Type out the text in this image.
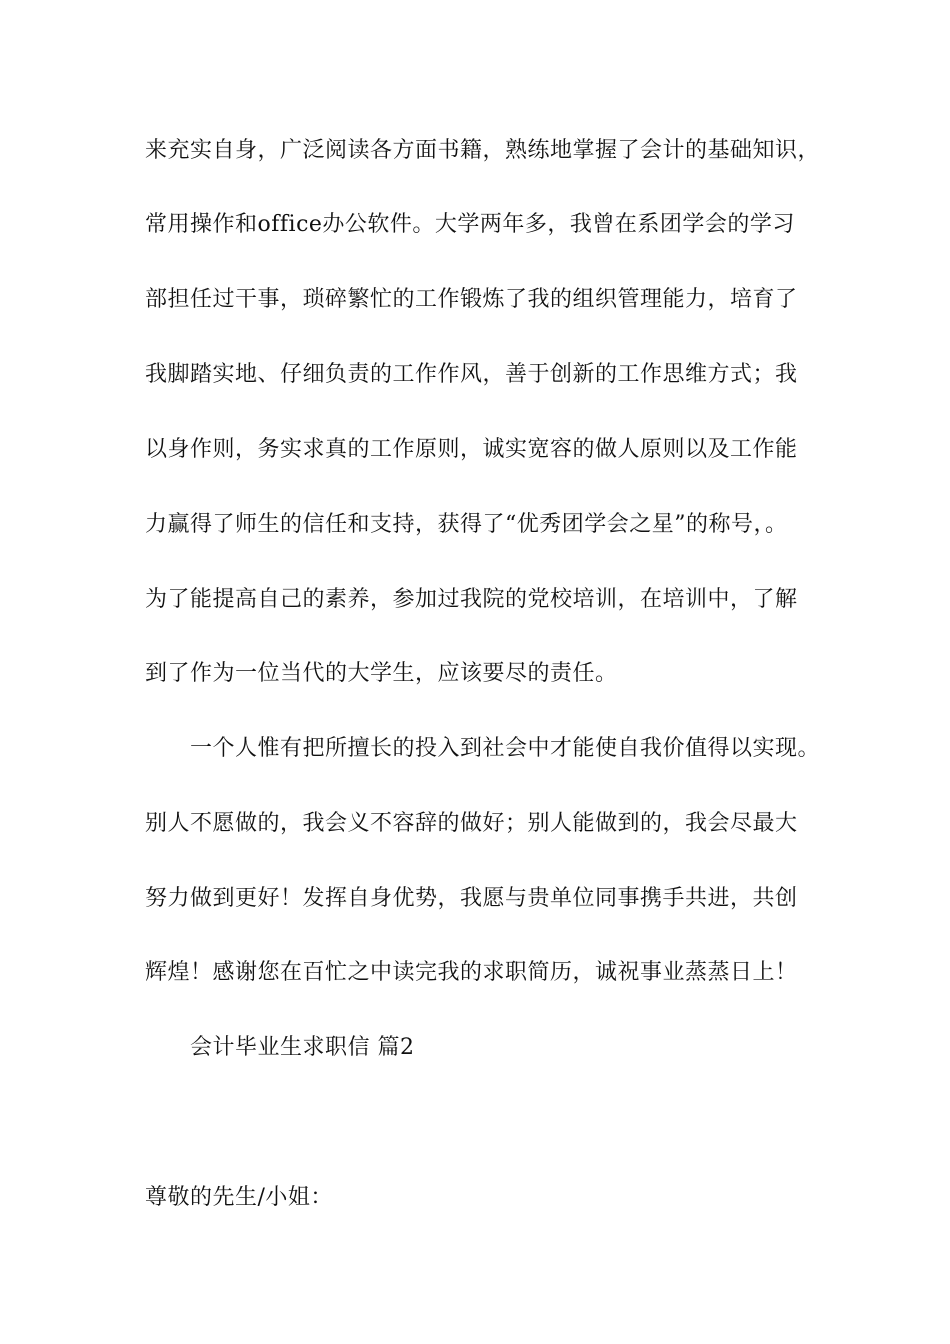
来充实自身，广泛阅读各方面书籍，熟练地掌握了会计的基础知识，
常用操作和office办公软件。大学两年多，我曾在系团学会的学习
部担任过干事，琐碎繁忙的工作锻炼了我的组织管理能力，培育了
我脚踏实地、仔细负责的工作作风，善于创新的工作思维方式；我
以身作则，务实求真的工作原则，诚实宽容的做人原则以及工作能
力赢得了师生的信任和支持，获得了“优秀团学会之星”的称号，。
为了能提高自己的素养，参加过我院的党校培训，在培训中，了解
到了作为一位当代的大学生，应该要尽的责任。
一个人惟有把所擅长的投入到社会中才能使自我价值得以实现。
别人不愿做的，我会义不容辞的做好；别人能做到的，我会尽最大
努力做到更好！发挥自身优势，我愿与贵单位同事携手共进，共创
辉煌！感谢您在百忙之中读完我的求职简历，诚祝事业蒸蒸日上！
会计毕业生求职信 篇2
尊敬的先生/小姐：
